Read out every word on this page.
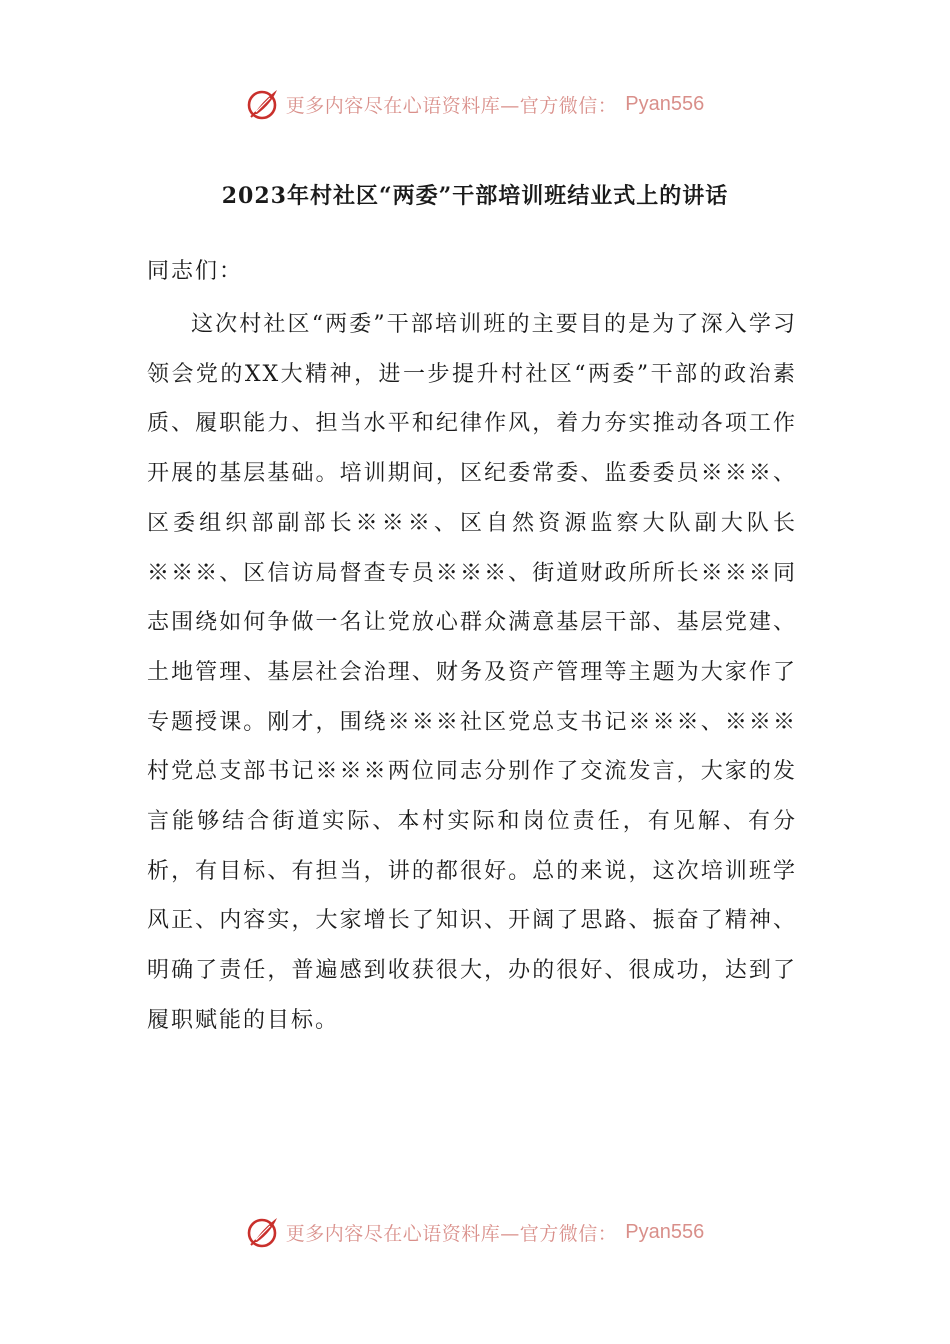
更多内容尽在心语资料库—官方微信： Pyan556
2023年村社区“两委”干部培训班结业式上的讲话

同志们：

这次村社区“两委”干部培训班的主要目的是为了深入学习领会党的XX大精神，进一步提升村社区“两委”干部的政治素质、履职能力、担当水平和纪律作风，着力夯实推动各项工作开展的基层基础。培训期间，区纪委常委、监委委员※※※、区委组织部副部长※※※、区自然资源监察大队副大队长※※※、区信访局督查专员※※※、街道财政所所长※※※同志围绕如何争做一名让党放心群众满意基层干部、基层党建、土地管理、基层社会治理、财务及资产管理等主题为大家作了专题授课。刚才，围绕※※※社区党总支书记※※※、※※※村党总支部书记※※※两位同志分别作了交流发言，大家的发言能够结合街道实际、本村实际和岗位责任，有见解、有分析，有目标、有担当，讲的都很好。总的来说，这次培训班学风正、内容实，大家增长了知识、开阔了思路、振奋了精神、明确了责任，普遍感到收获很大，办的很好、很成功，达到了履职赋能的目标。

更多内容尽在心语资料库—官方微信： Pyan556
